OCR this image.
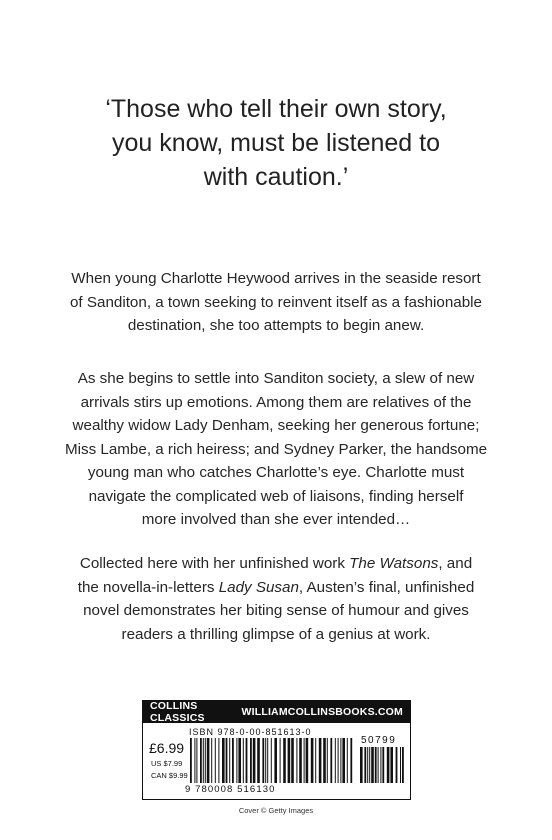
‘Those who tell their own story,
you know, must be listened to
with caution.’
When young Charlotte Heywood arrives in the seaside resort
of Sanditon, a town seeking to reinvent itself as a fashionable
destination, she too attempts to begin anew.
As she begins to settle into Sanditon society, a slew of new
arrivals stirs up emotions. Among them are relatives of the
wealthy widow Lady Denham, seeking her generous fortune;
Miss Lambe, a rich heiress; and Sydney Parker, the handsome
young man who catches Charlotte’s eye. Charlotte must
navigate the complicated web of liaisons, finding herself
more involved than she ever intended…
Collected here with her unfinished work The Watsons, and
the novella-in-letters Lady Susan, Austen’s final, unfinished
novel demonstrates her biting sense of humour and gives
readers a thrilling glimpse of a genius at work.
COLLINS CLASSICS	WILLIAMCOLLINSBOOKS.COM
ISBN 978-0-00-851613-0
£6.99
US $7.99
CAN $9.99
50799
9 780008 516130
Cover © Getty Images
